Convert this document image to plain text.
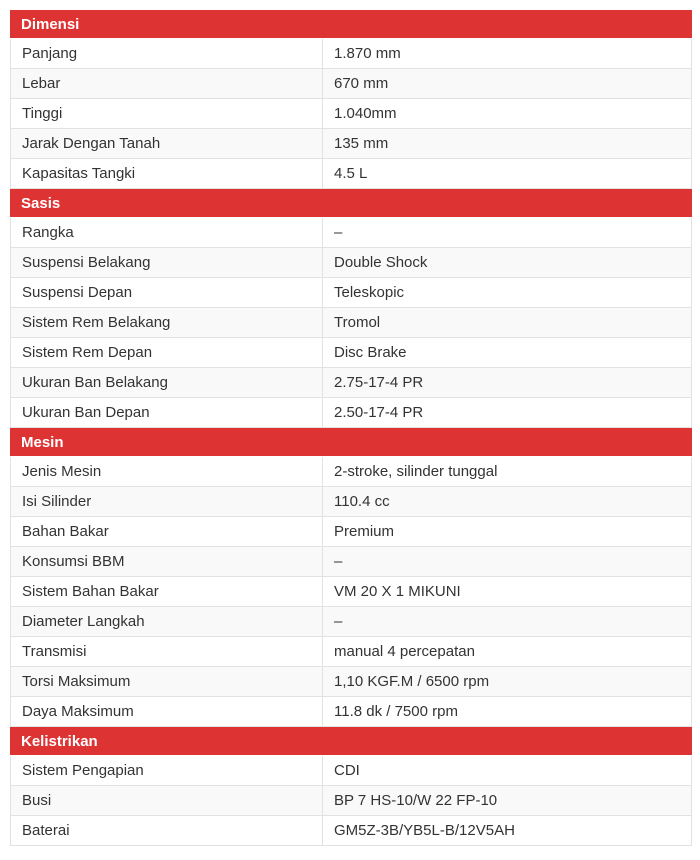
Dimensi
Panjang	1.870 mm
Lebar	670 mm
Tinggi	1.040mm
Jarak Dengan Tanah	135 mm
Kapasitas Tangki	4.5 L
Sasis
Rangka	–
Suspensi Belakang	Double Shock
Suspensi Depan	Teleskopic
Sistem Rem Belakang	Tromol
Sistem Rem Depan	Disc Brake
Ukuran Ban Belakang	2.75-17-4 PR
Ukuran Ban Depan	2.50-17-4 PR
Mesin
Jenis Mesin	2-stroke, silinder tunggal
Isi Silinder	110.4 cc
Bahan Bakar	Premium
Konsumsi BBM	–
Sistem Bahan Bakar	VM 20 X 1 MIKUNI
Diameter Langkah	–
Transmisi	manual 4 percepatan
Torsi Maksimum	1,10 KGF.M / 6500 rpm
Daya Maksimum	11.8 dk / 7500 rpm
Kelistrikan
Sistem Pengapian	CDI
Busi	BP 7 HS-10/W 22 FP-10
Baterai	GM5Z-3B/YB5L-B/12V5AH
